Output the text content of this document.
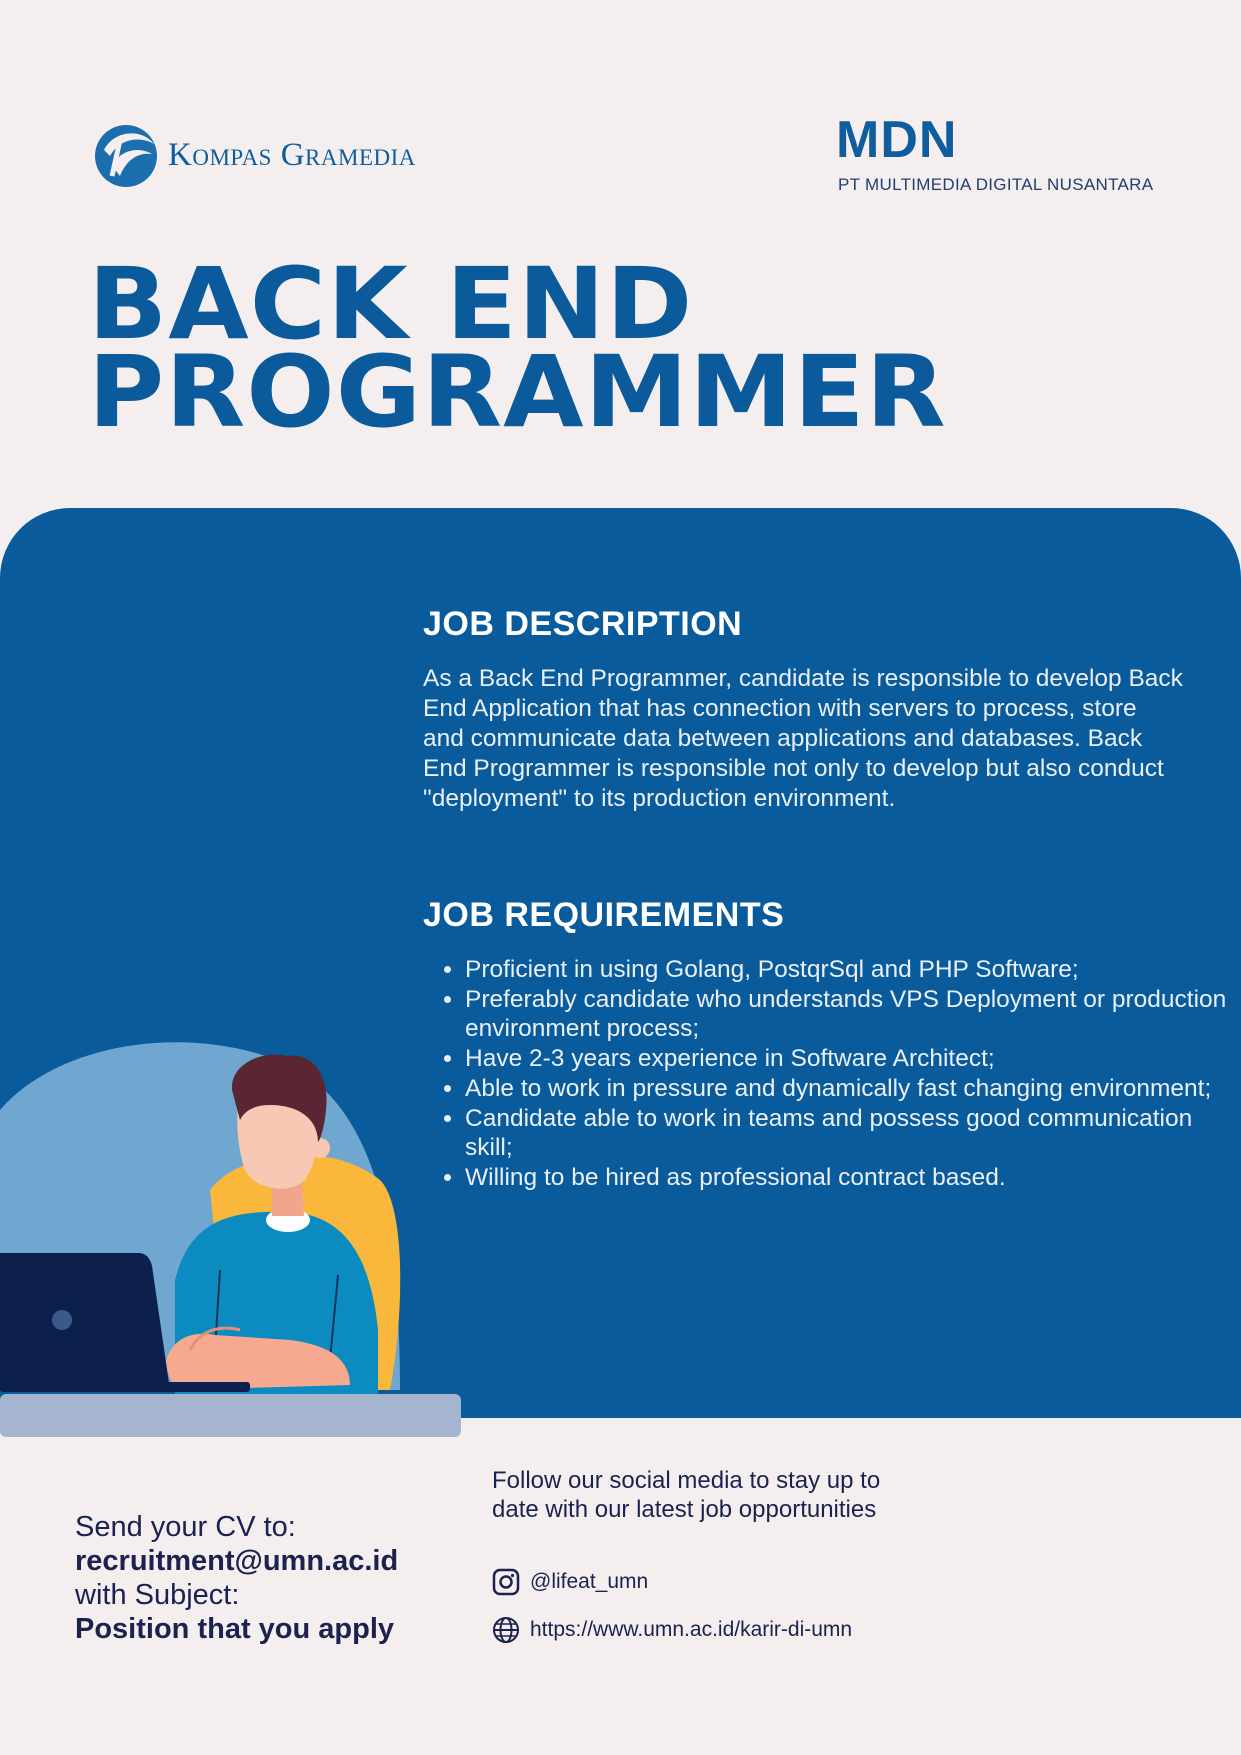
Kompas Gramedia	MDN
PT MULTIMEDIA DIGITAL NUSANTARA
BACK END
PROGRAMMER
JOB DESCRIPTION
As a Back End Programmer, candidate is responsible to develop Back End Application that has connection with servers to process, store and communicate data between applications and databases. Back End Programmer is responsible not only to develop but also conduct "deployment" to its production environment.
JOB REQUIREMENTS
• Proficient in using Golang, PostqrSql and PHP Software;
• Preferably candidate who understands VPS Deployment or production environment process;
• Have 2-3 years experience in Software Architect;
• Able to work in pressure and dynamically fast changing environment;
• Candidate able to work in teams and possess good communication skill;
• Willing to be hired as professional contract based.
Send your CV to:
recruitment@umn.ac.id
with Subject:
Position that you apply
Follow our social media to stay up to date with our latest job opportunities
@lifeat_umn
https://www.umn.ac.id/karir-di-umn
